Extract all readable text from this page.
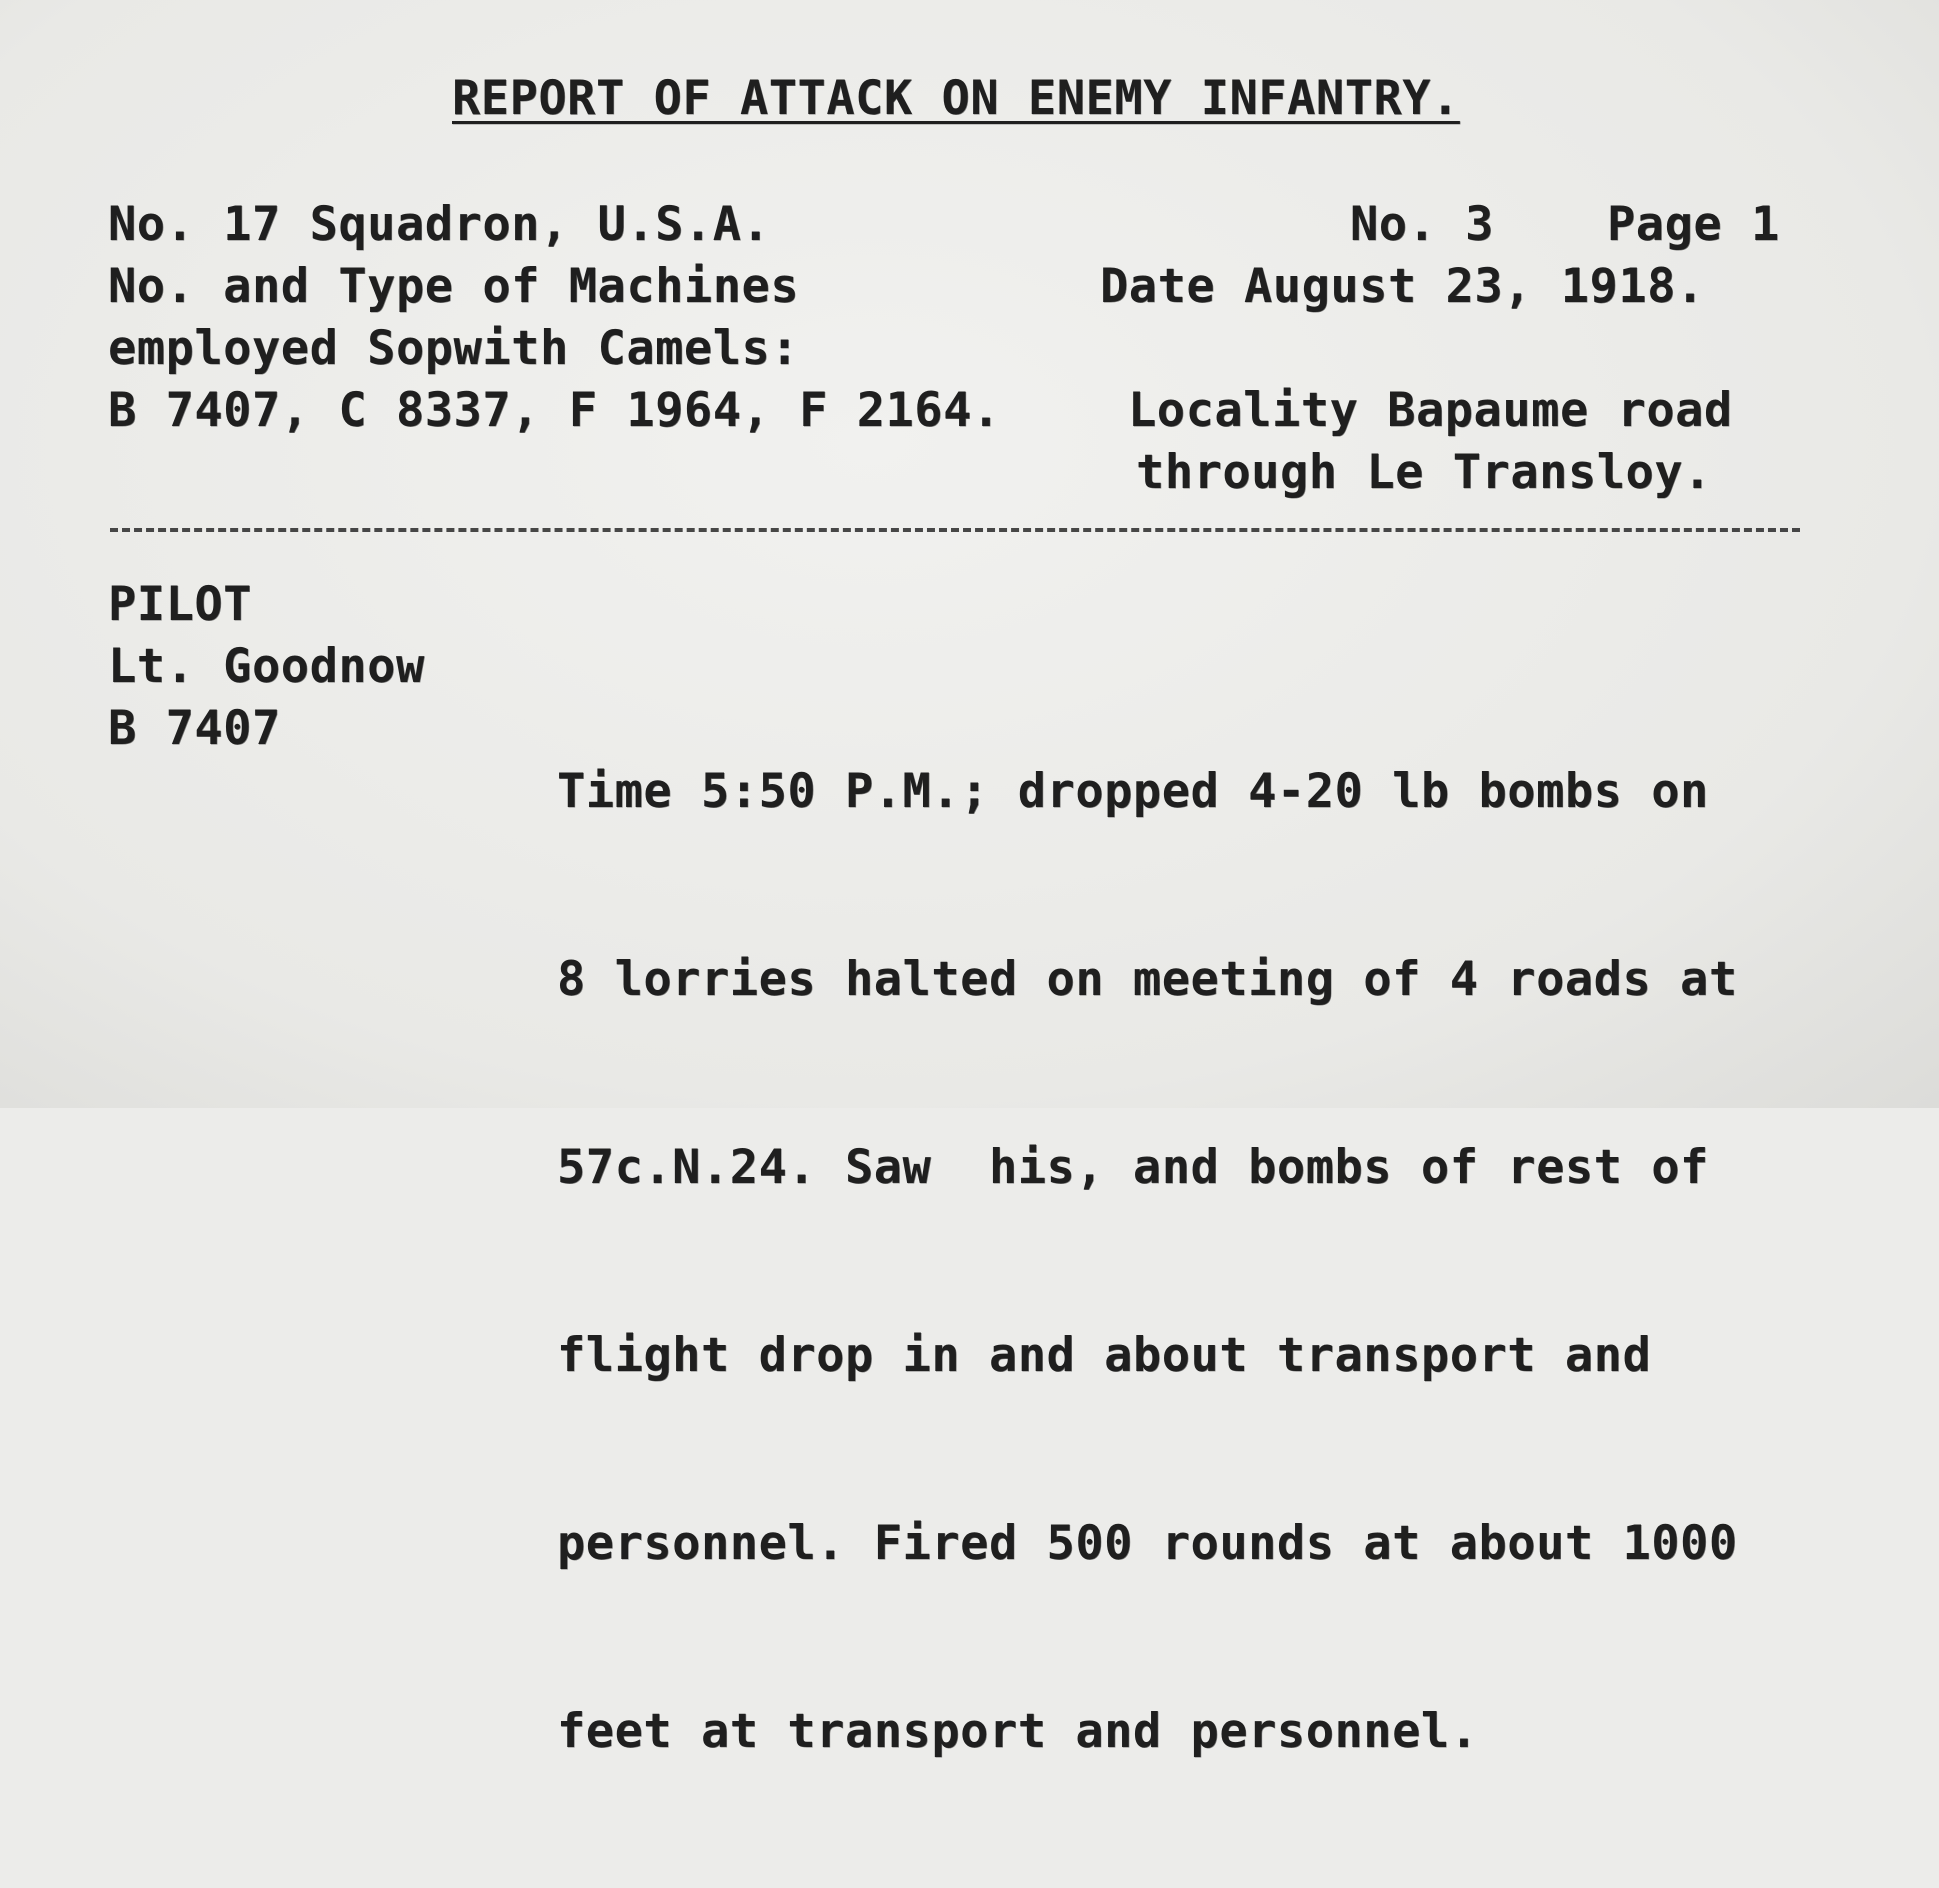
REPORT OF ATTACK ON ENEMY INFANTRY.
No. 17 Squadron, U.S.A.
No. and Type of Machines
employed Sopwith Camels:
B 7407, C 8337, F 1964, F 2164.
No. 3 Page 1
Date August 23, 1918.
Locality Bapaume road
through Le Transloy.
PILOT
Lt. Goodnow
B 7407

Time 5:50 P.M.; dropped 4-20 lb bombs on

8 lorries halted on meeting of 4 roads at

57c.N.24. Saw  his, and bombs of rest of

flight drop in and about transport and

personnel. Fired 500 rounds at about 1000

feet at transport and personnel.
